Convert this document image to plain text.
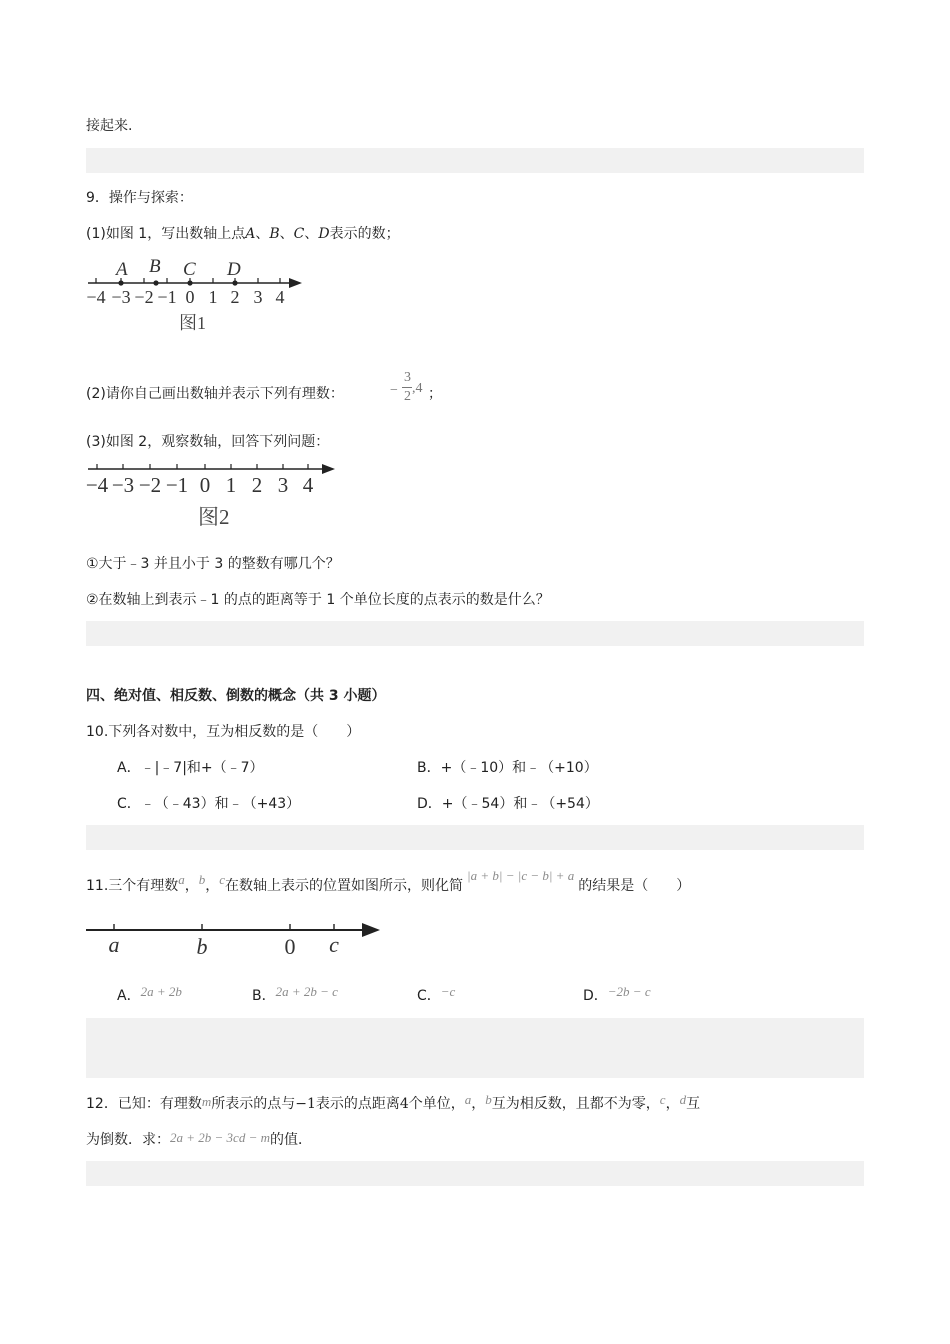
接起来.
9．操作与探索：
(1)如图 1，写出数轴上点A、B、C、D表示的数；
A B C D
−4 −3 −2 −1 0 1 2 3 4
图1
(2)请你自己画出数轴并表示下列有理数：	−
3
2
,4 ；
(3)如图 2，观察数轴，回答下列问题：
−4 −3 −2 −1 0 1 2 3 4
图2
①大于﹣3 并且小于 3 的整数有哪几个？
②在数轴上到表示﹣1 的点的距离等于 1 个单位长度的点表示的数是什么？
四、绝对值、相反数、倒数的概念（共 3 小题）
10.下列各对数中，互为相反数的是（　　）
A．﹣|﹣7|和+（﹣7）	B．+（﹣10）和﹣（+10）
C．﹣（﹣43）和﹣（+43）	D．+（﹣54）和﹣（+54）
11.三个有理数a，b，c在数轴上表示的位置如图所示，则化简|a + b| − |c − b| + a的结果是（　　）
a	b	0 c
A．2a + 2b	B．2a + 2b − c	C．−c	D．−2b − c
12．已知：有理数m所表示的点与−1表示的点距离4个单位，a，b互为相反数，且都不为零，c，d互
为倒数．求：2a + 2b − 3cd − m的值．
